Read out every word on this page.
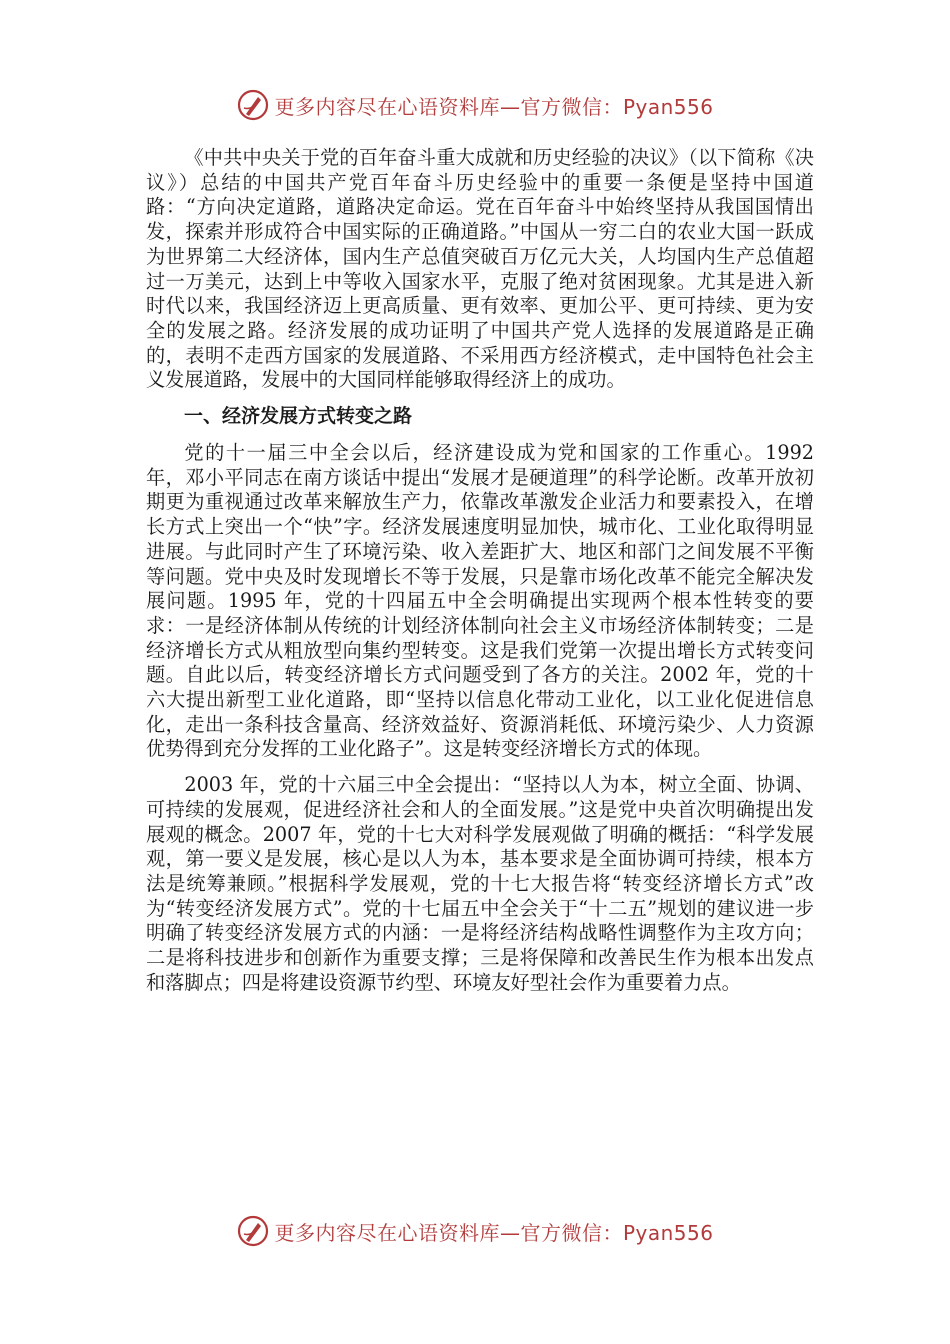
更多内容尽在心语资料库—官方微信：Pyan556

《中共中央关于党的百年奋斗重大成就和历史经验的决议》（以下简称《决议》）总结的中国共产党百年奋斗历史经验中的重要一条便是坚持中国道路：“方向决定道路，道路决定命运。党在百年奋斗中始终坚持从我国国情出发，探索并形成符合中国实际的正确道路。”中国从一穷二白的农业大国一跃成为世界第二大经济体，国内生产总值突破百万亿元大关，人均国内生产总值超过一万美元，达到上中等收入国家水平，克服了绝对贫困现象。尤其是进入新时代以来，我国经济迈上更高质量、更有效率、更加公平、更可持续、更为安全的发展之路。经济发展的成功证明了中国共产党人选择的发展道路是正确的，表明不走西方国家的发展道路、不采用西方经济模式，走中国特色社会主义发展道路，发展中的大国同样能够取得经济上的成功。

一、经济发展方式转变之路

党的十一届三中全会以后，经济建设成为党和国家的工作重心。1992 年，邓小平同志在南方谈话中提出“发展才是硬道理”的科学论断。改革开放初期更为重视通过改革来解放生产力，依靠改革激发企业活力和要素投入，在增长方式上突出一个“快”字。经济发展速度明显加快，城市化、工业化取得明显进展。与此同时产生了环境污染、收入差距扩大、地区和部门之间发展不平衡等问题。党中央及时发现增长不等于发展，只是靠市场化改革不能完全解决发展问题。1995 年，党的十四届五中全会明确提出实现两个根本性转变的要求：一是经济体制从传统的计划经济体制向社会主义市场经济体制转变；二是经济增长方式从粗放型向集约型转变。这是我们党第一次提出增长方式转变问题。自此以后，转变经济增长方式问题受到了各方的关注。2002 年，党的十六大提出新型工业化道路，即“坚持以信息化带动工业化，以工业化促进信息化，走出一条科技含量高、经济效益好、资源消耗低、环境污染少、人力资源优势得到充分发挥的工业化路子”。这是转变经济增长方式的体现。

2003 年，党的十六届三中全会提出：“坚持以人为本，树立全面、协调、可持续的发展观，促进经济社会和人的全面发展。”这是党中央首次明确提出发展观的概念。2007 年，党的十七大对科学发展观做了明确的概括：“科学发展观，第一要义是发展，核心是以人为本，基本要求是全面协调可持续，根本方法是统筹兼顾。”根据科学发展观，党的十七大报告将“转变经济增长方式”改为“转变经济发展方式”。党的十七届五中全会关于“十二五”规划的建议进一步明确了转变经济发展方式的内涵：一是将经济结构战略性调整作为主攻方向；二是将科技进步和创新作为重要支撑；三是将保障和改善民生作为根本出发点和落脚点；四是将建设资源节约型、环境友好型社会作为重要着力点。

更多内容尽在心语资料库—官方微信：Pyan556
